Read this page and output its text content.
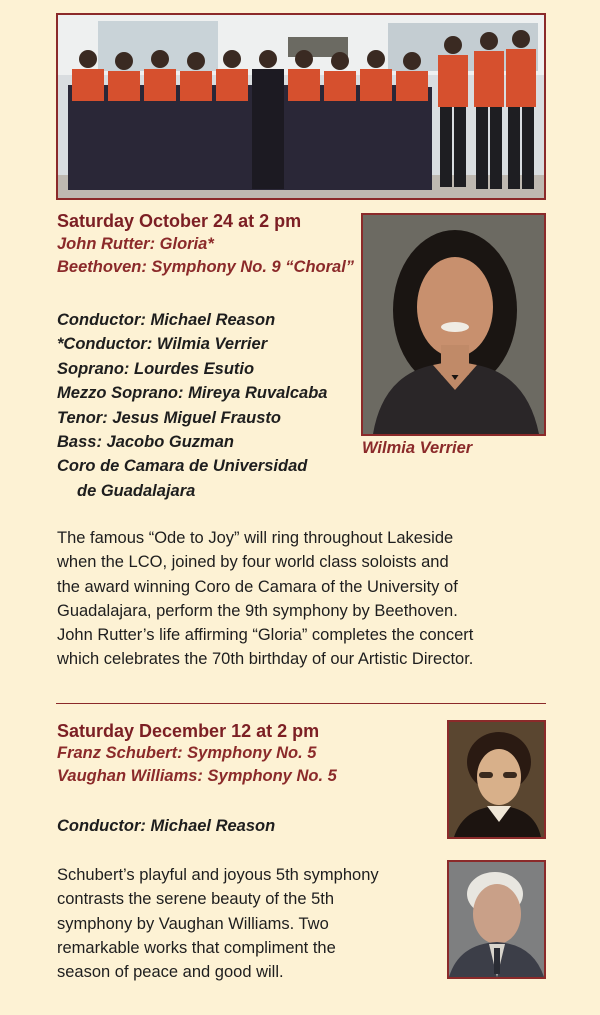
Saturday October 24 at 2 pm
John Rutter: Gloria*
Beethoven: Symphony No. 9 “Choral”
Conductor: Michael Reason
*Conductor: Wilmia Verrier
Soprano: Lourdes Esutio
Mezzo Soprano: Mireya Ruvalcaba
Tenor: Jesus Miguel Frausto
Bass: Jacobo Guzman
Coro de Camara de Universidad
de Guadalajara
Wilmia Verrier
The famous “Ode to Joy” will ring throughout Lakeside
when the LCO, joined by four world class soloists and
the award winning Coro de Camara of the University of
Guadalajara, perform the 9th symphony by Beethoven.
John Rutter’s life affirming “Gloria” completes the concert
which celebrates the 70th birthday of our Artistic Director.
Saturday December 12 at 2 pm
Franz Schubert: Symphony No. 5
Vaughan Williams: Symphony No. 5
Conductor: Michael Reason
Schubert’s playful and joyous 5th symphony
contrasts the serene beauty of the 5th
symphony by Vaughan Williams. Two
remarkable works that compliment the
season of peace and good will.
